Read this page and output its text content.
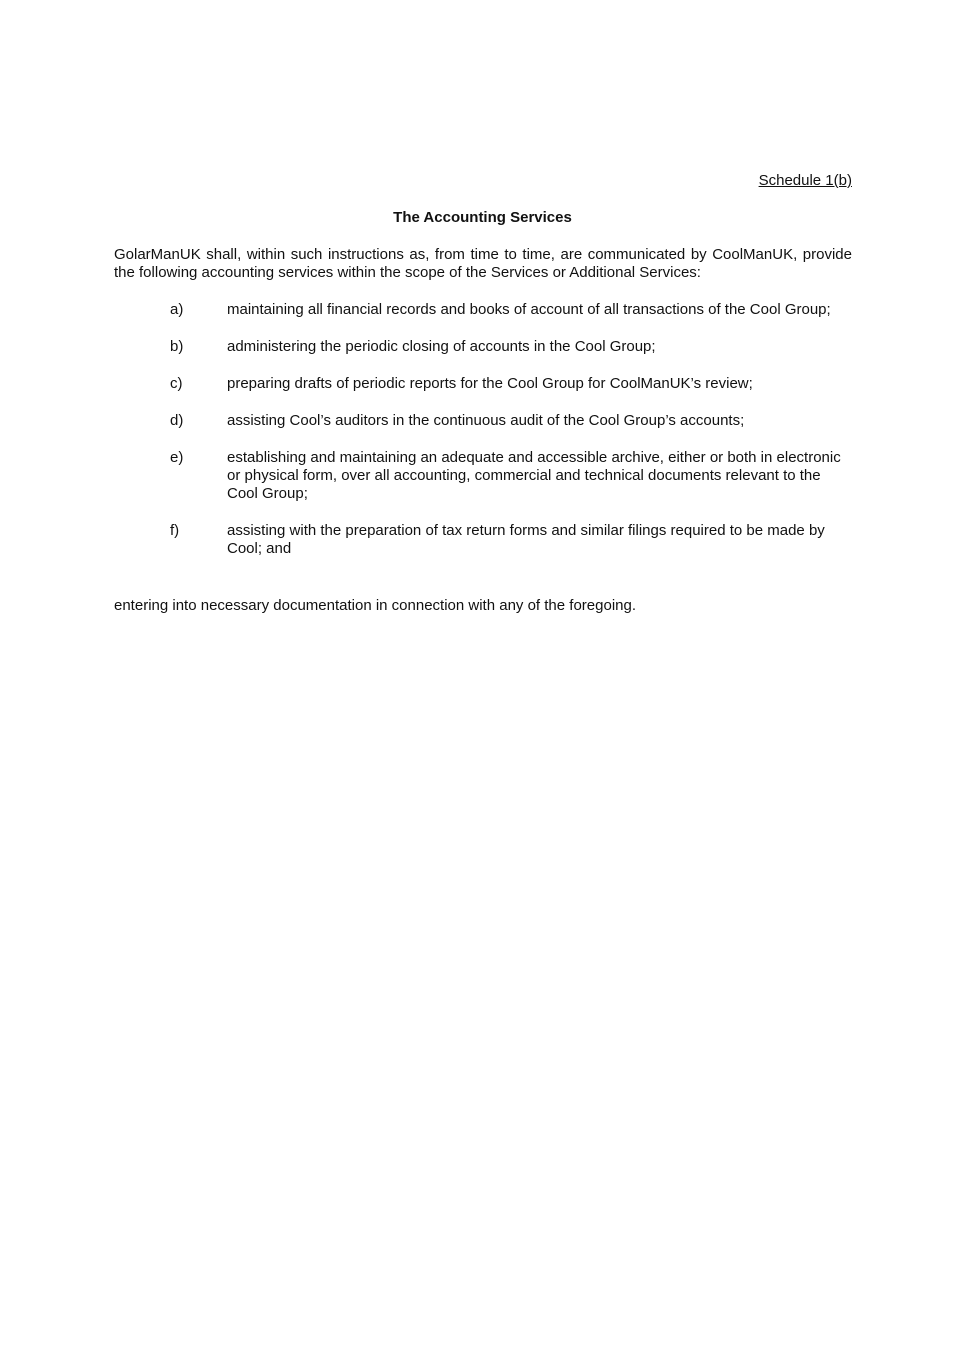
Schedule 1(b)
The Accounting Services

GolarManUK shall, within such instructions as, from time to time, are communicated by CoolManUK, provide the following accounting services within the scope of the Services or Additional Services:

a)	maintaining all financial records and books of account of all transactions of the Cool Group;
b)	administering the periodic closing of accounts in the Cool Group;
c)	preparing drafts of periodic reports for the Cool Group for CoolManUK’s review;
d)	assisting Cool’s auditors in the continuous audit of the Cool Group’s accounts;
e)	establishing and maintaining an adequate and accessible archive, either or both in electronic or physical form, over all accounting, commercial and technical documents relevant to the Cool Group;
f)	assisting with the preparation of tax return forms and similar filings required to be made by Cool; and

entering into necessary documentation in connection with any of the foregoing.
